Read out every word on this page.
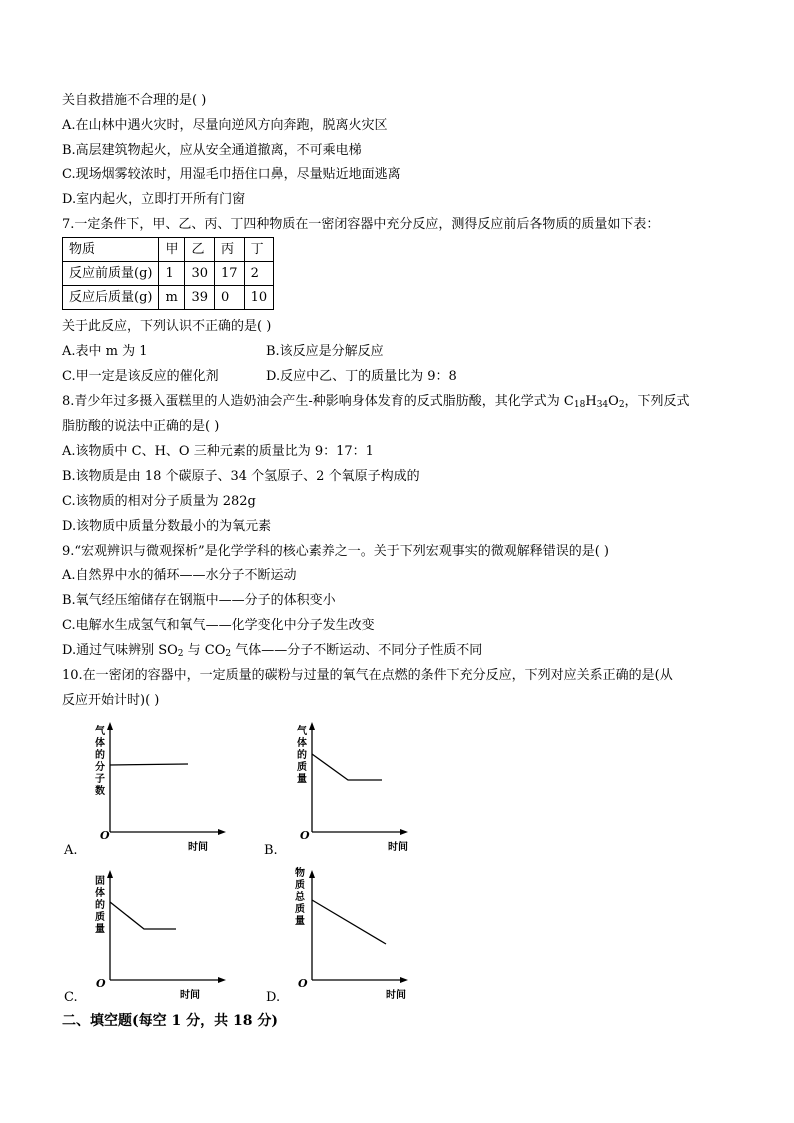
关自救措施不合理的是( )
A.在山林中遇火灾时，尽量向逆风方向奔跑，脱离火灾区
B.高层建筑物起火，应从安全通道撤离，不可乘电梯
C.现场烟雾较浓时，用湿毛巾捂住口鼻，尽量贴近地面逃离
D.室内起火，立即打开所有门窗
7.一定条件下，甲、乙、丙、丁四种物质在一密闭容器中充分反应，测得反应前后各物质的质量如下表：
物质	甲	乙	丙	丁
反应前质量(g)	1	30	17	2
反应后质量(g)	m	39	0	10
关于此反应，下列认识不正确的是( )
A.表中 m 为 1	B.该反应是分解反应
C.甲一定是该反应的催化剂	D.反应中乙、丁的质量比为 9：8
8.青少年过多摄入蛋糕里的人造奶油会产生-种影响身体发育的反式脂肪酸，其化学式为 $C_{18}H_{34}O_2$，下列反式
脂肪酸的说法中正确的是( )
A.该物质中 C、H、O 三种元素的质量比为 9：17：1
B.该物质是由 18 个碳原子、34 个氢原子、2 个氧原子构成的
C.该物质的相对分子质量为 282g
D.该物质中质量分数最小的为氧元素
9.“宏观辨识与微观探析”是化学学科的核心素养之一。关于下列宏观事实的微观解释错误的是( )
A.自然界中水的循环——水分子不断运动
B.氧气经压缩储存在钢瓶中——分子的体积变小
C.电解水生成氢气和氧气——化学变化中分子发生改变
D.通过气味辨别 $SO_2$ 与 $CO_2$ 气体——分子不断运动、不同分子性质不同
10.在一密闭的容器中，一定质量的碳粉与过量的氧气在点燃的条件下充分反应，下列对应关系正确的是(从
反应开始计时)( )
气
体
的
分
子
数
O
时间
A.
气
体
的
质
量
O
时间
B.
固
体
的
质
量
O
时间
C.
物
质
总
质
量
O
时间
D.
二、填空题(每空 1 分，共 18 分)
